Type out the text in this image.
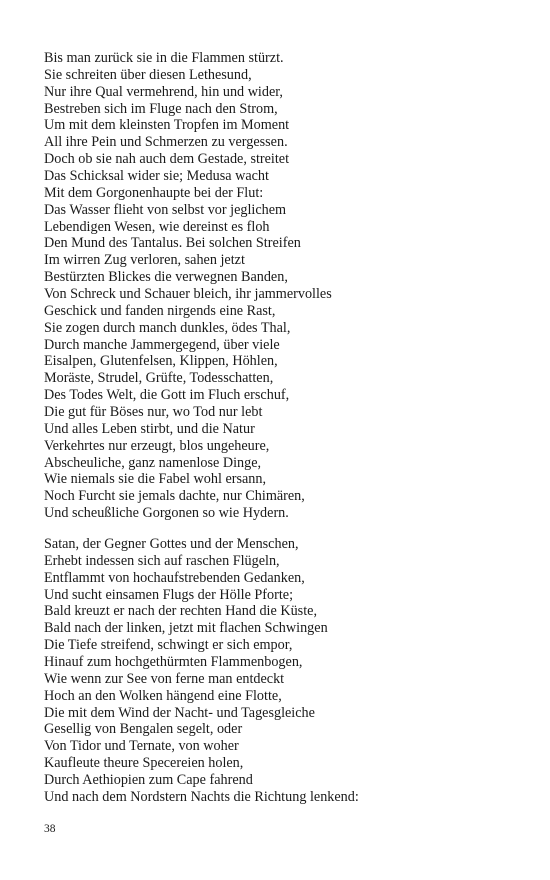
Bis man zurück sie in die Flammen stürzt.
Sie schreiten über diesen Lethesund,
Nur ihre Qual vermehrend, hin und wider,
Bestreben sich im Fluge nach den Strom,
Um mit dem kleinsten Tropfen im Moment
All ihre Pein und Schmerzen zu vergessen.
Doch ob sie nah auch dem Gestade, streitet
Das Schicksal wider sie; Medusa wacht
Mit dem Gorgonenhaupte bei der Flut:
Das Wasser flieht von selbst vor jeglichem
Lebendigen Wesen, wie dereinst es floh
Den Mund des Tantalus. Bei solchen Streifen
Im wirren Zug verloren, sahen jetzt
Bestürzten Blickes die verwegnen Banden,
Von Schreck und Schauer bleich, ihr jammervolles
Geschick und fanden nirgends eine Rast,
Sie zogen durch manch dunkles, ödes Thal,
Durch manche Jammergegend, über viele
Eisalpen, Glutenfelsen, Klippen, Höhlen,
Moräste, Strudel, Grüfte, Todesschatten,
Des Todes Welt, die Gott im Fluch erschuf,
Die gut für Böses nur, wo Tod nur lebt
Und alles Leben stirbt, und die Natur
Verkehrtes nur erzeugt, blos ungeheure,
Abscheuliche, ganz namenlose Dinge,
Wie niemals sie die Fabel wohl ersann,
Noch Furcht sie jemals dachte, nur Chimären,
Und scheußliche Gorgonen so wie Hydern.
Satan, der Gegner Gottes und der Menschen,
Erhebt indessen sich auf raschen Flügeln,
Entflammt von hochaufstrebenden Gedanken,
Und sucht einsamen Flugs der Hölle Pforte;
Bald kreuzt er nach der rechten Hand die Küste,
Bald nach der linken, jetzt mit flachen Schwingen
Die Tiefe streifend, schwingt er sich empor,
Hinauf zum hochgethürmten Flammenbogen,
Wie wenn zur See von ferne man entdeckt
Hoch an den Wolken hängend eine Flotte,
Die mit dem Wind der Nacht- und Tagesgleiche
Gesellig von Bengalen segelt, oder
Von Tidor und Ternate, von woher
Kaufleute theure Specereien holen,
Durch Aethiopien zum Cape fahrend
Und nach dem Nordstern Nachts die Richtung lenkend:
38
